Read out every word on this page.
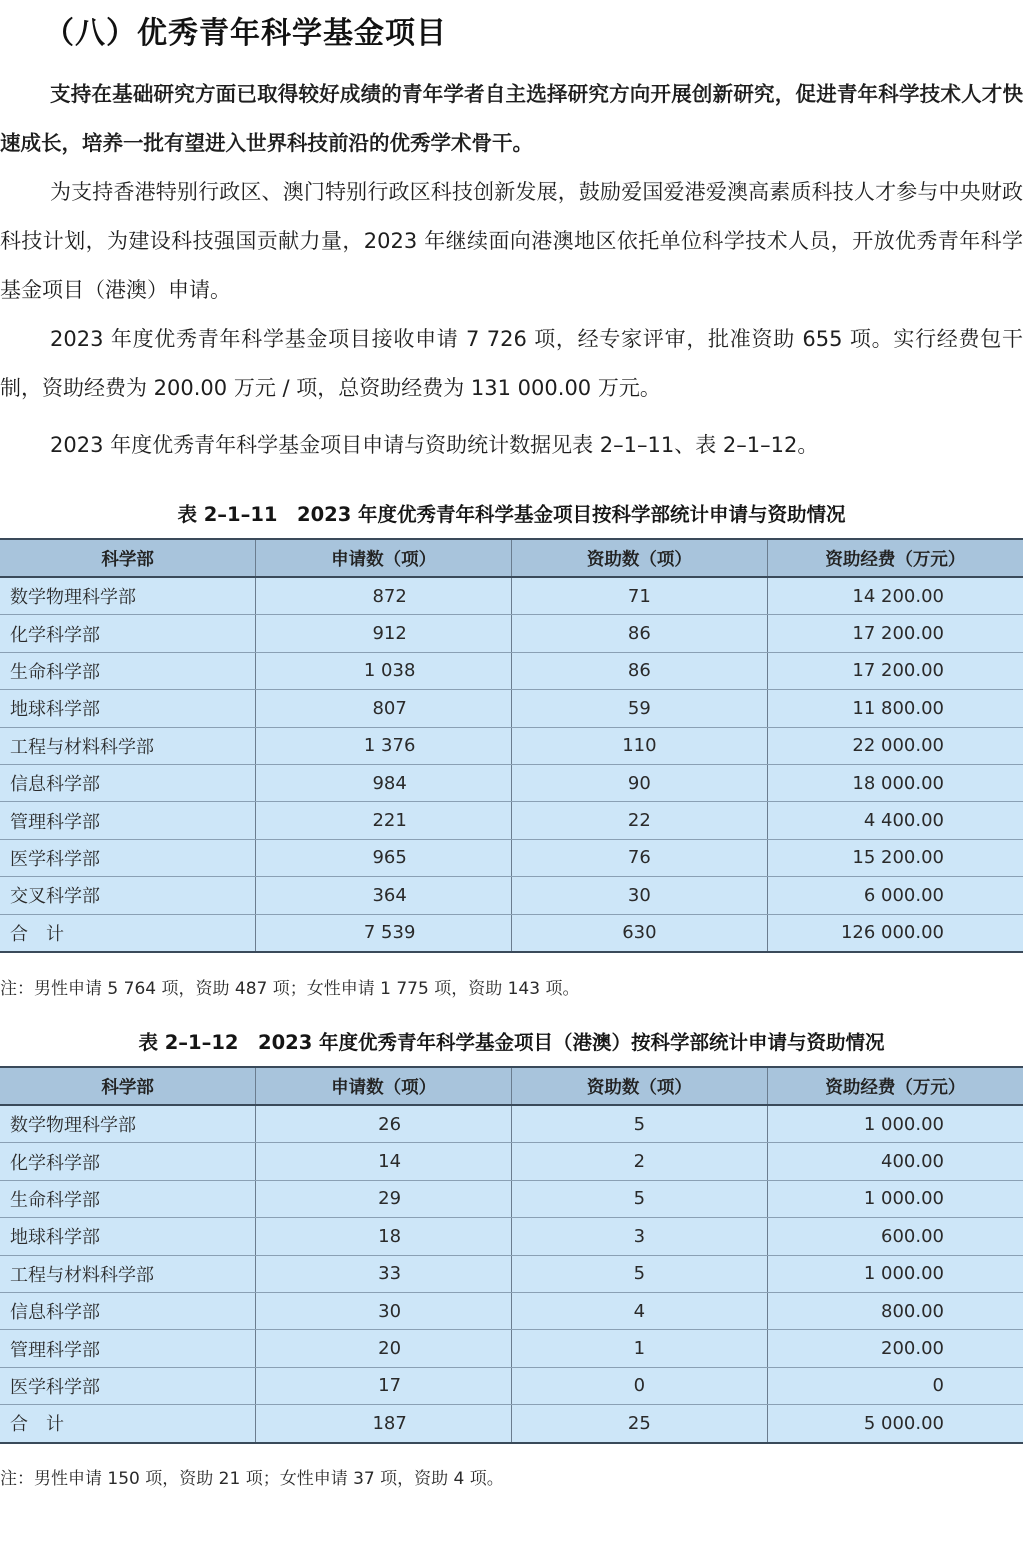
（八）优秀青年科学基金项目

支持在基础研究方面已取得较好成绩的青年学者自主选择研究方向开展创新研究，促进青年科学技术人才快速成长，培养一批有望进入世界科技前沿的优秀学术骨干。

为支持香港特别行政区、澳门特别行政区科技创新发展，鼓励爱国爱港爱澳高素质科技人才参与中央财政科技计划，为建设科技强国贡献力量，2023 年继续面向港澳地区依托单位科学技术人员，开放优秀青年科学基金项目（港澳）申请。

2023 年度优秀青年科学基金项目接收申请 7 726 项，经专家评审，批准资助 655 项。实行经费包干制，资助经费为 200.00 万元 / 项，总资助经费为 131 000.00 万元。

2023 年度优秀青年科学基金项目申请与资助统计数据见表 2–1–11、表 2–1–12。

表 2–1–11　2023 年度优秀青年科学基金项目按科学部统计申请与资助情况

科学部	申请数（项）	资助数（项）	资助经费（万元）
数学物理科学部	872	71	14 200.00
化学科学部	912	86	17 200.00
生命科学部	1 038	86	17 200.00
地球科学部	807	59	11 800.00
工程与材料科学部	1 376	110	22 000.00
信息科学部	984	90	18 000.00
管理科学部	221	22	4 400.00
医学科学部	965	76	15 200.00
交叉科学部	364	30	6 000.00
合　计	7 539	630	126 000.00

注：男性申请 5 764 项，资助 487 项；女性申请 1 775 项，资助 143 项。

表 2–1–12　2023 年度优秀青年科学基金项目（港澳）按科学部统计申请与资助情况

科学部	申请数（项）	资助数（项）	资助经费（万元）
数学物理科学部	26	5	1 000.00
化学科学部	14	2	400.00
生命科学部	29	5	1 000.00
地球科学部	18	3	600.00
工程与材料科学部	33	5	1 000.00
信息科学部	30	4	800.00
管理科学部	20	1	200.00
医学科学部	17	0	0
合　计	187	25	5 000.00

注：男性申请 150 项，资助 21 项；女性申请 37 项，资助 4 项。
